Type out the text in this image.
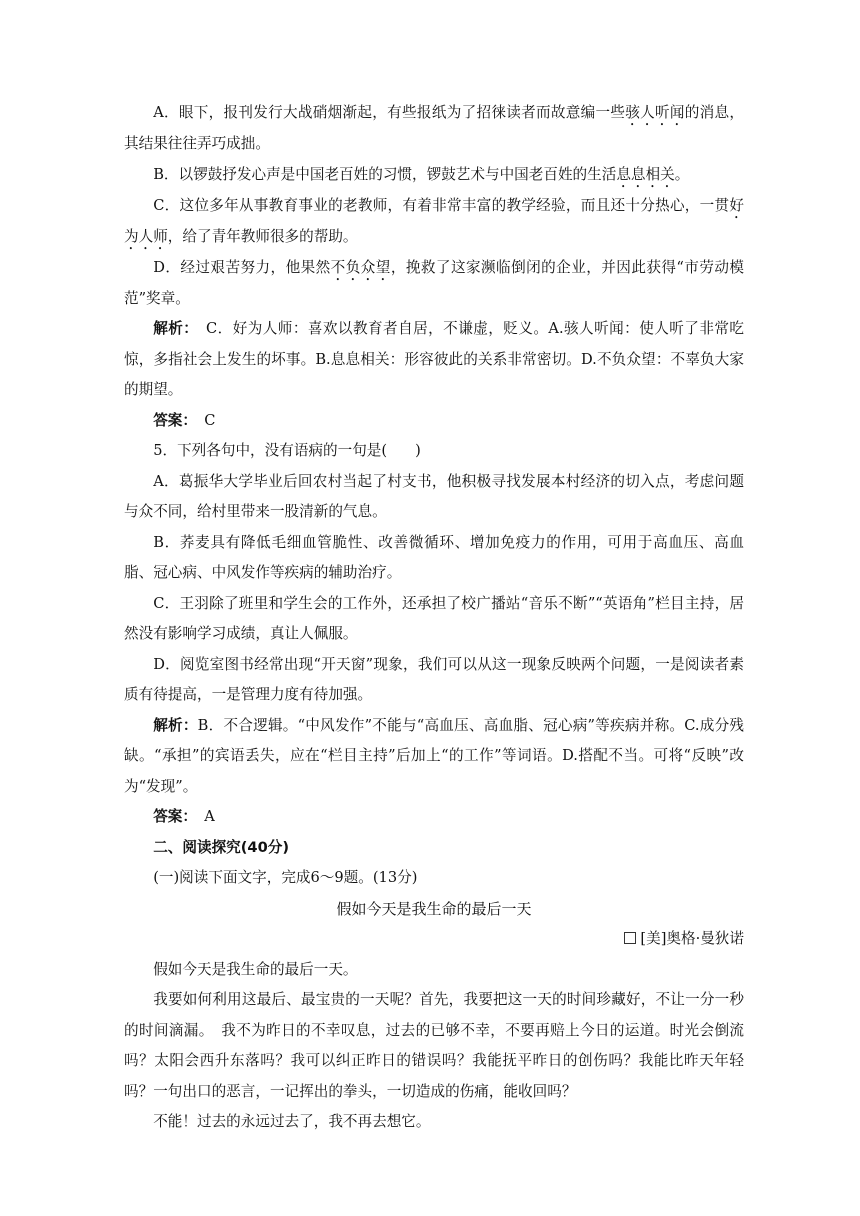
A．眼下，报刊发行大战硝烟渐起，有些报纸为了招徕读者而故意编一些骇人听闻的消息，其结果往往弄巧成拙。

B．以锣鼓抒发心声是中国老百姓的习惯，锣鼓艺术与中国老百姓的生活息息相关。

C．这位多年从事教育事业的老教师，有着非常丰富的教学经验，而且还十分热心，一贯好为人师，给了青年教师很多的帮助。

D．经过艰苦努力，他果然不负众望，挽救了这家濒临倒闭的企业，并因此获得“市劳动模范”奖章。

解析：　 C．好为人师：喜欢以教育者自居，不谦虚，贬义。A.骇人听闻：使人听了非常吃惊，多指社会上发生的坏事。B.息息相关：形容彼此的关系非常密切。D.不负众望：不辜负大家的期望。

答案：　 C

5．下列各句中，没有语病的一句是( )

A．葛振华大学毕业后回农村当起了村支书，他积极寻找发展本村经济的切入点，考虑问题与众不同，给村里带来一股清新的气息。

B．荞麦具有降低毛细血管脆性、改善微循环、增加免疫力的作用，可用于高血压、高血脂、冠心病、中风发作等疾病的辅助治疗。

C．王羽除了班里和学生会的工作外，还承担了校广播站“音乐不断”“英语角”栏目主持，居然没有影响学习成绩，真让人佩服。

D．阅览室图书经常出现“开天窗”现象，我们可以从这一现象反映两个问题，一是阅读者素质有待提高，一是管理力度有待加强。

解析：B．不合逻辑。“中风发作”不能与“高血压、高血脂、冠心病”等疾病并称。C.成分残缺。“承担”的宾语丢失，应在“栏目主持”后加上“的工作”等词语。D.搭配不当。可将“反映”改为“发现”。

答案：　 A

二、阅读探究(40分)

(一)阅读下面文字，完成6～9题。(13分)

假如今天是我生命的最后一天

[美]奥格·曼狄诺

假如今天是我生命的最后一天。

我要如何利用这最后、最宝贵的一天呢？首先，我要把这一天的时间珍藏好，不让一分一秒的时间滴漏。　我不为昨日的不幸叹息，过去的已够不幸，不要再赔上今日的运道。时光会倒流吗？太阳会西升东落吗？我可以纠正昨日的错误吗？我能抚平昨日的创伤吗？我能比昨天年轻吗？一句出口的恶言，一记挥出的拳头，一切造成的伤痛，能收回吗？

不能！过去的永远过去了，我不再去想它。
